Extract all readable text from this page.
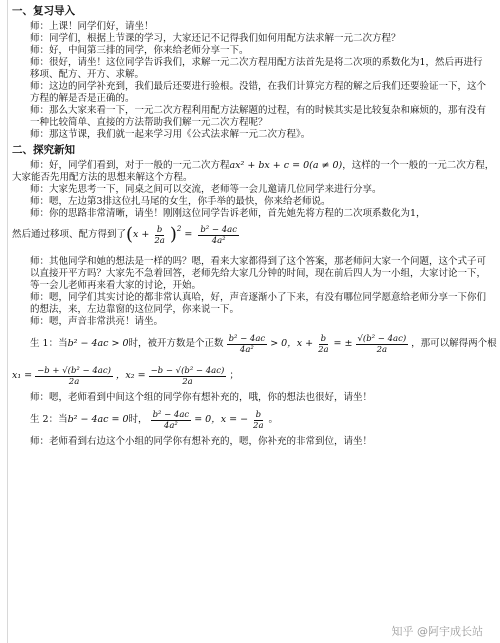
一、复习导入

师：上课！同学们好，请坐！

师：同学们，根据上节课的学习，大家还记不记得我们如何用配方法求解一元二次方程？

师：好，中间第三排的同学，你来给老师分享一下。

师：很好，请坐！这位同学告诉我们，求解一元二次方程用配方法首先是将二次项的系数化为1，然后再进行移项、配方、开方、求解。

师：这边的同学补充到，我们最后还要进行验根。没错，在我们计算完方程的解之后我们还要验证一下，这个方程的解是否是正确的。

师：那么大家来看一下，一元二次方程利用配方法解题的过程，有的时候其实是比较复杂和麻烦的，那有没有一种比较简单、直接的方法帮助我们解一元二次方程呢？

师：那这节课，我们就一起来学习用《公式法求解一元二次方程》。

二、探究新知
师：好，同学们看到，对于一般的一元二次方程 ax² + bx + c = 0(a ≠ 0) ，这样的一个一般的一元二次方程，

大家能否先用配方法的思想来解这个方程。

师：大家先思考一下，同桌之间可以交流，老师等一会儿邀请几位同学来进行分享。

师：嗯，左边第3排这位扎马尾的女生，你手举的最快，你来给老师说。

师：你的思路非常清晰，请坐！刚刚这位同学告诉老师，首先她先将方程的二次项系数化为1，

然后通过移项、配方得到了 ( $x + \frac{b}{2a}$ ) $2 = \frac{\text{b² − 4ac}}{\text{4a²}}$

师：其他同学和她的想法是一样的吗？嗯，看来大家都得到了这个答案，那老师问大家一个问题，这个式子可以直接开平方吗？大家先不急着回答，老师先给大家几分钟的时间，现在前后四人为一小组，大家讨论一下，等一会儿老师再来看大家的讨论，开始。

师：嗯，同学们其实讨论的都非常认真哈，好，声音逐渐小了下来，有没有哪位同学愿意给老师分享一下你们的想法，来，左边靠窗的这位同学，你来说一下。

师：嗯，声音非常洪亮！请坐。

生 1：当 b² − 4ac > 0 时，被开方数是个正数 $\frac{\text{b² − 4ac}}{\text{4a²}} > 0$， $x + \frac{b}{2a}$ = ± $\frac{\text{√(b² − 4ac)}}{2a}$ ，那可以解得两个根
$x_1 = \frac{\text{−b + √(b² − 4ac)}}{2a}$ ，$x_2 = \frac{\text{−b − √(b² − 4ac)}}{2a}$ ；

师：嗯，老师看到中间这个组的同学你有想补充的，哦，你的想法也很好，请坐！

生 2：当 b² − 4ac = 0 时， $\frac{\text{b² − 4ac}}{\text{4a²}} = 0$， x = − $\frac{b}{2a}$ 。

师：老师看到右边这个小组的同学你有想补充的，嗯，你补充的非常到位，请坐！

知乎 @阿宇成长站
